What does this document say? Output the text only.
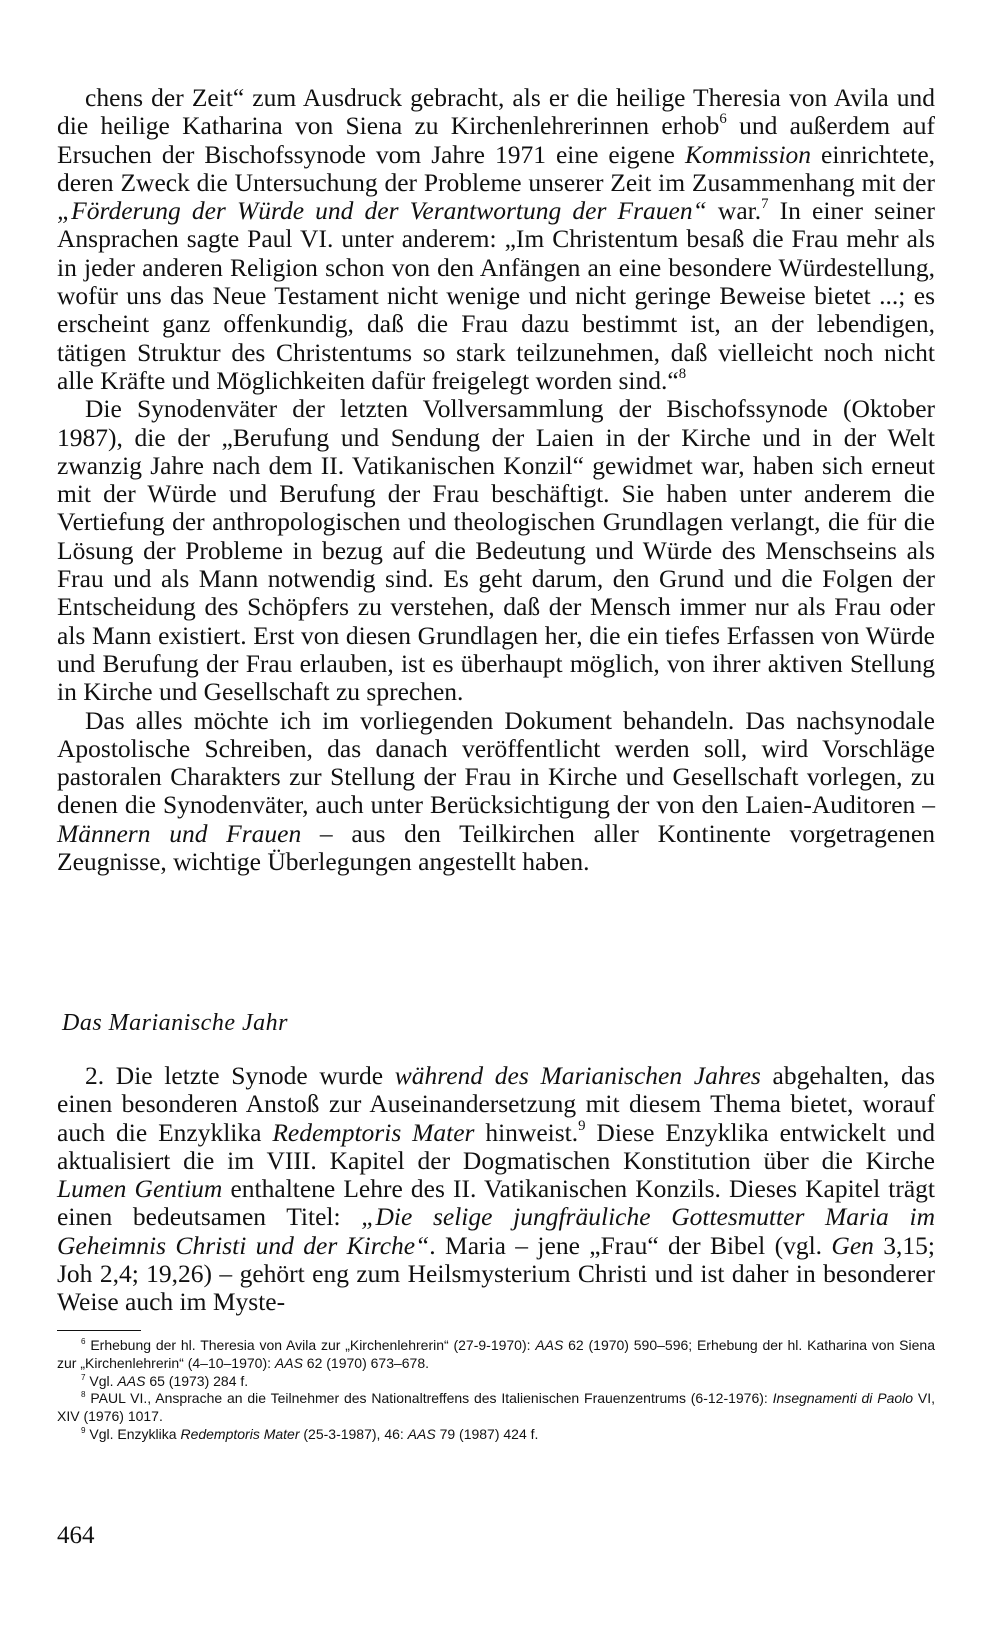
chens der Zeit“ zum Ausdruck gebracht, als er die heilige Theresia von Avila und die heilige Katharina von Siena zu Kirchenlehrerinnen erhob$^6$ und außerdem auf Ersuchen der Bischofssynode vom Jahre 1971 eine eigene Kommission einrichtete, deren Zweck die Untersuchung der Probleme unserer Zeit im Zusammenhang mit der „Förderung der Würde und der Verantwortung der Frauen“ war.$^7$ In einer seiner Ansprachen sagte Paul VI. unter anderem: „Im Christentum besaß die Frau mehr als in jeder anderen Religion schon von den Anfängen an eine besondere Würdestellung, wofür uns das Neue Testament nicht wenige und nicht geringe Beweise bietet ...; es erscheint ganz offenkundig, daß die Frau dazu bestimmt ist, an der lebendigen, tätigen Struktur des Christentums so stark teilzunehmen, daß vielleicht noch nicht alle Kräfte und Möglichkeiten dafür freigelegt worden sind.“$^8$

Die Synodenväter der letzten Vollversammlung der Bischofssynode (Oktober 1987), die der „Berufung und Sendung der Laien in der Kirche und in der Welt zwanzig Jahre nach dem II. Vatikanischen Konzil“ gewidmet war, haben sich erneut mit der Würde und Berufung der Frau beschäftigt. Sie haben unter anderem die Vertiefung der anthropologischen und theologischen Grundlagen verlangt, die für die Lösung der Probleme in bezug auf die Bedeutung und Würde des Menschseins als Frau und als Mann notwendig sind. Es geht darum, den Grund und die Folgen der Entscheidung des Schöpfers zu verstehen, daß der Mensch immer nur als Frau oder als Mann existiert. Erst von diesen Grundlagen her, die ein tiefes Erfassen von Würde und Berufung der Frau erlauben, ist es überhaupt möglich, von ihrer aktiven Stellung in Kirche und Gesellschaft zu sprechen.

Das alles möchte ich im vorliegenden Dokument behandeln. Das nachsynodale Apostolische Schreiben, das danach veröffentlicht werden soll, wird Vorschläge pastoralen Charakters zur Stellung der Frau in Kirche und Gesellschaft vorlegen, zu denen die Synodenväter, auch unter Berücksichtigung der von den Laien-Auditoren – Männern und Frauen – aus den Teilkirchen aller Kontinente vorgetragenen Zeugnisse, wichtige Überlegungen angestellt haben.

Das Marianische Jahr

2. Die letzte Synode wurde während des Marianischen Jahres abgehalten, das einen besonderen Anstoß zur Auseinandersetzung mit diesem Thema bietet, worauf auch die Enzyklika Redemptoris Mater hinweist.$^9$ Diese Enzyklika entwickelt und aktualisiert die im VIII. Kapitel der Dogmatischen Konstitution über die Kirche Lumen Gentium enthaltene Lehre des II. Vatikanischen Konzils. Dieses Kapitel trägt einen bedeutsamen Titel: „Die selige jungfräuliche Gottesmutter Maria im Geheimnis Christi und der Kirche“. Maria – jene „Frau“ der Bibel (vgl. Gen 3,15; Joh 2,4; 19,26) – gehört eng zum Heilsmysterium Christi und ist daher in besonderer Weise auch im Myste-

$^6$ Erhebung der hl. Theresia von Avila zur „Kirchenlehrerin“ (27-9-1970): AAS 62 (1970) 590–596; Erhebung der hl. Katharina von Siena zur „Kirchenlehrerin“ (4–10–1970): AAS 62 (1970) 673–678.

$^7$ Vgl. AAS 65 (1973) 284 f.

$^8$ PAUL VI., Ansprache an die Teilnehmer des Nationaltreffens des Italienischen Frauenzentrums (6-12-1976): Insegnamenti di Paolo VI, XIV (1976) 1017.

$^9$ Vgl. Enzyklika Redemptoris Mater (25-3-1987), 46: AAS 79 (1987) 424 f.

464
